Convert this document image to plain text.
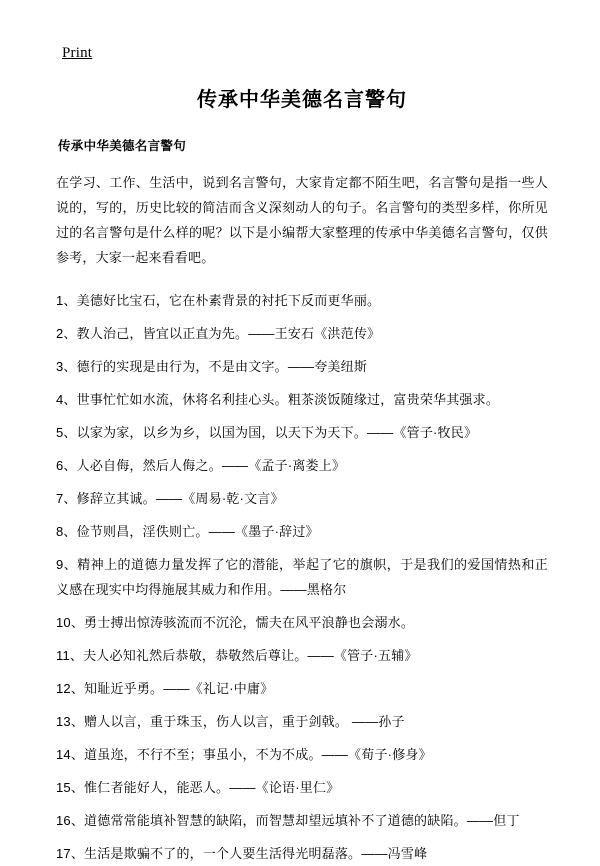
Print
传承中华美德名言警句
传承中华美德名言警句

在学习、工作、生活中，说到名言警句，大家肯定都不陌生吧，名言警句是指一些人说的，写的，历史比较的简洁而含义深刻动人的句子。名言警句的类型多样，你所见过的名言警句是什么样的呢？以下是小编帮大家整理的传承中华美德名言警句，仅供参考，大家一起来看看吧。

1、美德好比宝石，它在朴素背景的衬托下反而更华丽。
2、教人治己，皆宜以正直为先。——王安石《洪范传》
3、德行的实现是由行为，不是由文字。——夸美纽斯
4、世事忙忙如水流，休将名利挂心头。粗茶淡饭随缘过，富贵荣华其强求。
5、以家为家，以乡为乡，以国为国，以天下为天下。——《管子·牧民》
6、人必自侮，然后人侮之。——《孟子·离娄上》
7、修辞立其诚。——《周易·乾·文言》
8、俭节则昌，淫佚则亡。——《墨子·辞过》
9、精神上的道德力量发挥了它的潜能，举起了它的旗帜，于是我们的爱国情热和正义感在现实中均得施展其威力和作用。——黑格尔
10、勇士搏出惊涛骇流而不沉沦，懦夫在风平浪静也会溺水。
11、夫人必知礼然后恭敬，恭敬然后尊让。——《管子·五辅》
12、知耻近乎勇。——《礼记·中庸》
13、赠人以言，重于珠玉，伤人以言，重于剑戟。 ——孙子
14、道虽迩，不行不至；事虽小，不为不成。——《荀子·修身》
15、惟仁者能好人，能恶人。——《论语·里仁》
16、道德常常能填补智慧的缺陷，而智慧却望远填补不了道德的缺陷。——但丁
17、生活是欺骗不了的，一个人要生活得光明磊落。——冯雪峰
